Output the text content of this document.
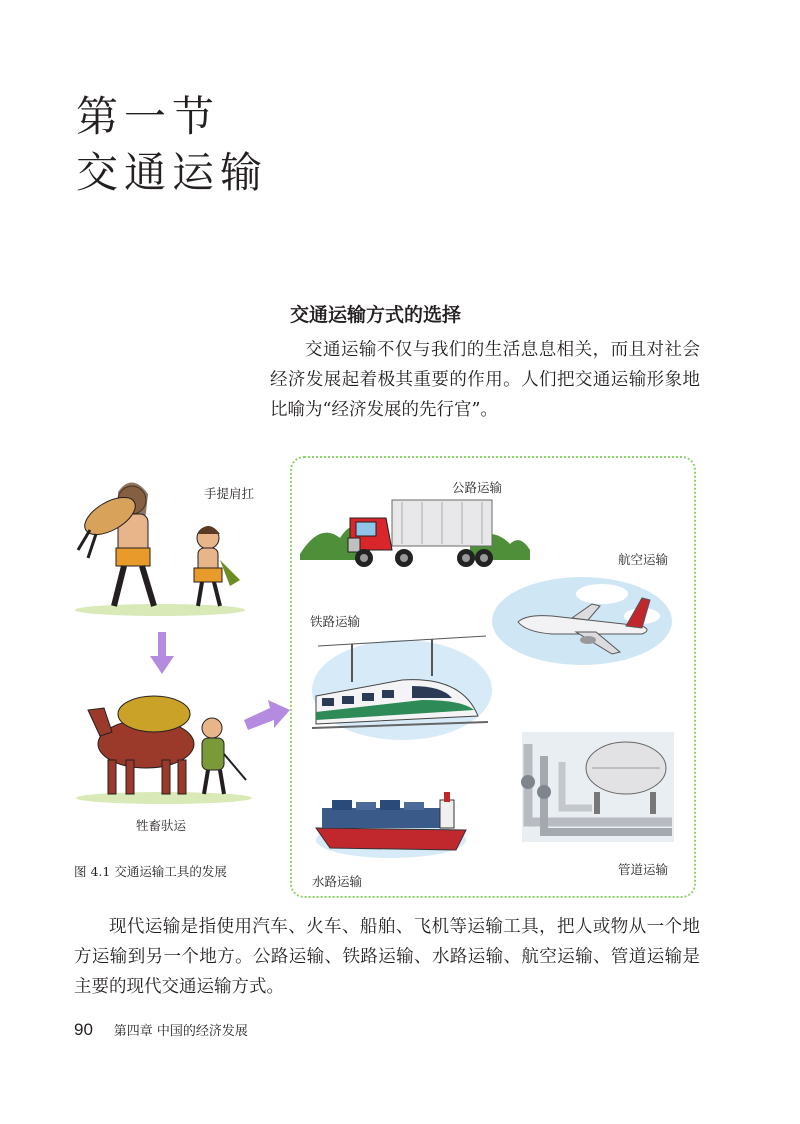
第一节
交通运输
交通运输方式的选择
交通运输不仅与我们的生活息息相关，而且对社会经济发展起着极其重要的作用。人们把交通运输形象地比喻为“经济发展的先行官”。
手提肩扛
牲畜驮运
图 4.1 交通运输工具的发展
公路运输
航空运输
铁路运输
水路运输
管道运输
现代运输是指使用汽车、火车、船舶、飞机等运输工具，把人或物从一个地方运输到另一个地方。公路运输、铁路运输、水路运输、航空运输、管道运输是主要的现代交通运输方式。
90 第四章 中国的经济发展
